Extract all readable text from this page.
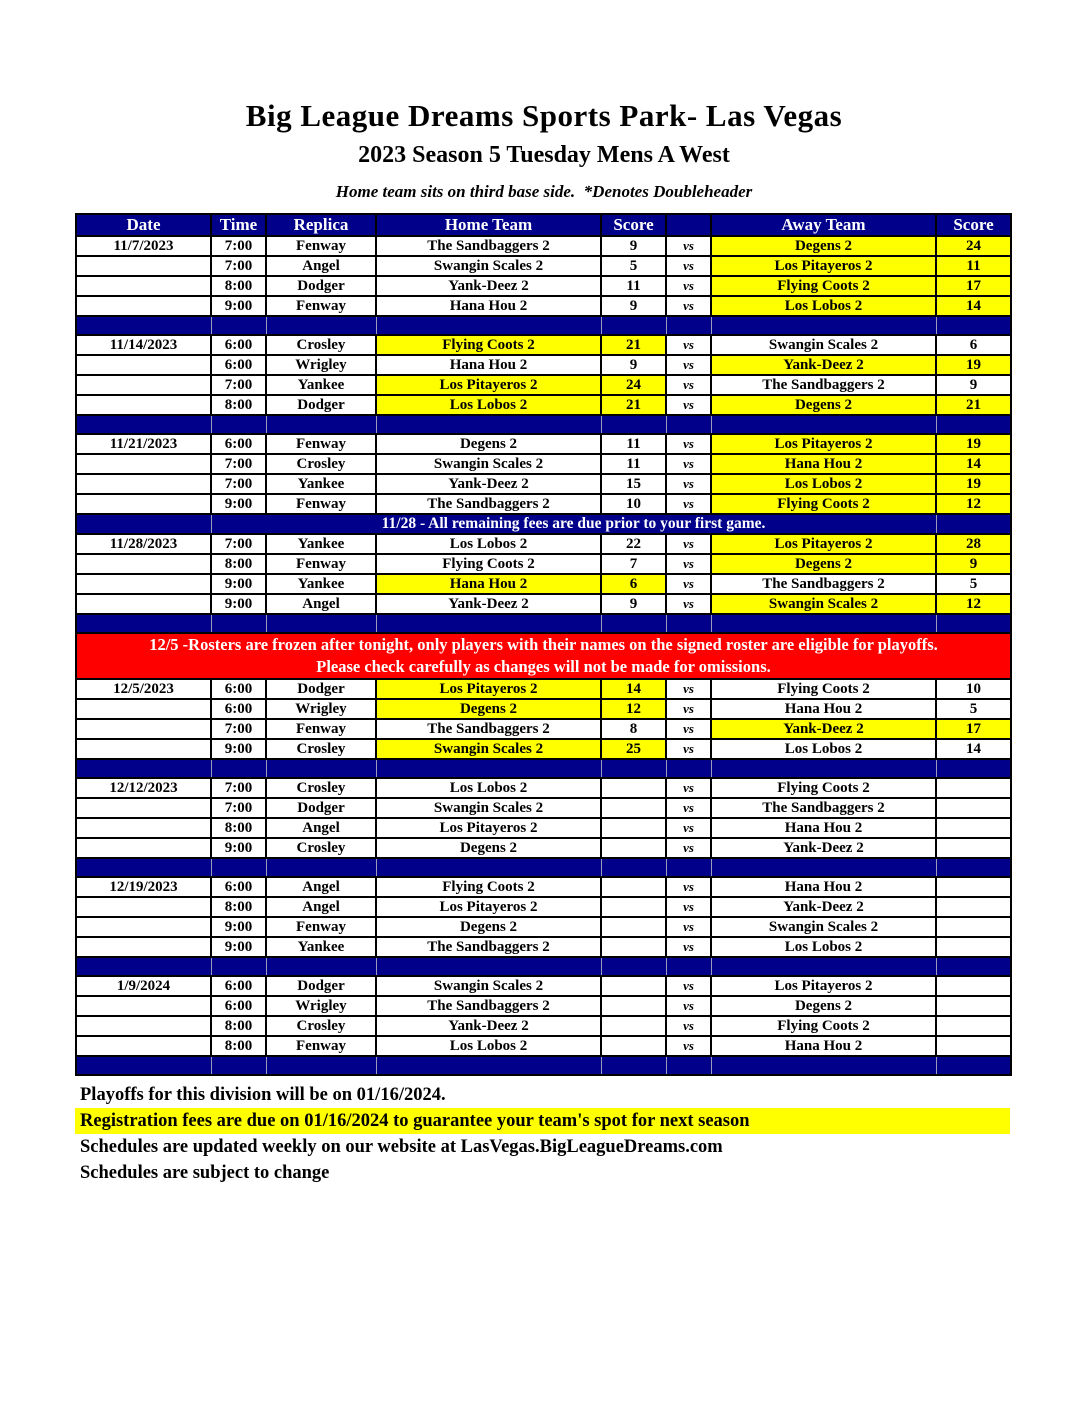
Big League Dreams Sports Park- Las Vegas
2023 Season 5 Tuesday Mens A West
Home team sits on third base side.  *Denotes Doubleheader
Date	Time	Replica	Home Team	Score		Away Team	Score
11/7/2023	7:00	Fenway	The Sandbaggers 2	9	vs	Degens 2	24
	7:00	Angel	Swangin Scales 2	5	vs	Los Pitayeros 2	11
	8:00	Dodger	Yank-Deez 2	11	vs	Flying Coots 2	17
	9:00	Fenway	Hana Hou 2	9	vs	Los Lobos 2	14

11/14/2023	6:00	Crosley	Flying Coots 2	21	vs	Swangin Scales 2	6
	6:00	Wrigley	Hana Hou 2	9	vs	Yank-Deez 2	19
	7:00	Yankee	Los Pitayeros 2	24	vs	The Sandbaggers 2	9
	8:00	Dodger	Los Lobos 2	21	vs	Degens 2	21

11/21/2023	6:00	Fenway	Degens 2	11	vs	Los Pitayeros 2	19
	7:00	Crosley	Swangin Scales 2	11	vs	Hana Hou 2	14
	7:00	Yankee	Yank-Deez 2	15	vs	Los Lobos 2	19
	9:00	Fenway	The Sandbaggers 2	10	vs	Flying Coots 2	12
	11/28 - All remaining fees are due prior to your first game.						
11/28/2023	7:00	Yankee	Los Lobos 2	22	vs	Los Pitayeros 2	28
	8:00	Fenway	Flying Coots 2	7	vs	Degens 2	9
	9:00	Yankee	Hana Hou 2	6	vs	The Sandbaggers 2	5
	9:00	Angel	Yank-Deez 2	9	vs	Swangin Scales 2	12

12/5 -Rosters are frozen after tonight, only players with their names on the signed roster are eligible for playoffs.
Please check carefully as changes will not be made for omissions.							

12/5/2023	6:00	Dodger	Los Pitayeros 2	14	vs	Flying Coots 2	10
	6:00	Wrigley	Degens 2	12	vs	Hana Hou 2	5
	7:00	Fenway	The Sandbaggers 2	8	vs	Yank-Deez 2	17
	9:00	Crosley	Swangin Scales 2	25	vs	Los Lobos 2	14

12/12/2023	7:00	Crosley	Los Lobos 2		vs	Flying Coots 2	
	7:00	Dodger	Swangin Scales 2		vs	The Sandbaggers 2	
	8:00	Angel	Los Pitayeros 2		vs	Hana Hou 2	
	9:00	Crosley	Degens 2		vs	Yank-Deez 2	

12/19/2023	6:00	Angel	Flying Coots 2		vs	Hana Hou 2	
	8:00	Angel	Los Pitayeros 2		vs	Yank-Deez 2	
	9:00	Fenway	Degens 2		vs	Swangin Scales 2	
	9:00	Yankee	The Sandbaggers 2		vs	Los Lobos 2	

1/9/2024	6:00	Dodger	Swangin Scales 2		vs	Los Pitayeros 2	
	6:00	Wrigley	The Sandbaggers 2		vs	Degens 2	
	8:00	Crosley	Yank-Deez 2		vs	Flying Coots 2	
	8:00	Fenway	Los Lobos 2		vs	Hana Hou 2	

Playoffs for this division will be on 01/16/2024.
Registration fees are due on 01/16/2024 to guarantee your team's spot for next season
Schedules are updated weekly on our website at LasVegas.BigLeagueDreams.com
Schedules are subject to change
